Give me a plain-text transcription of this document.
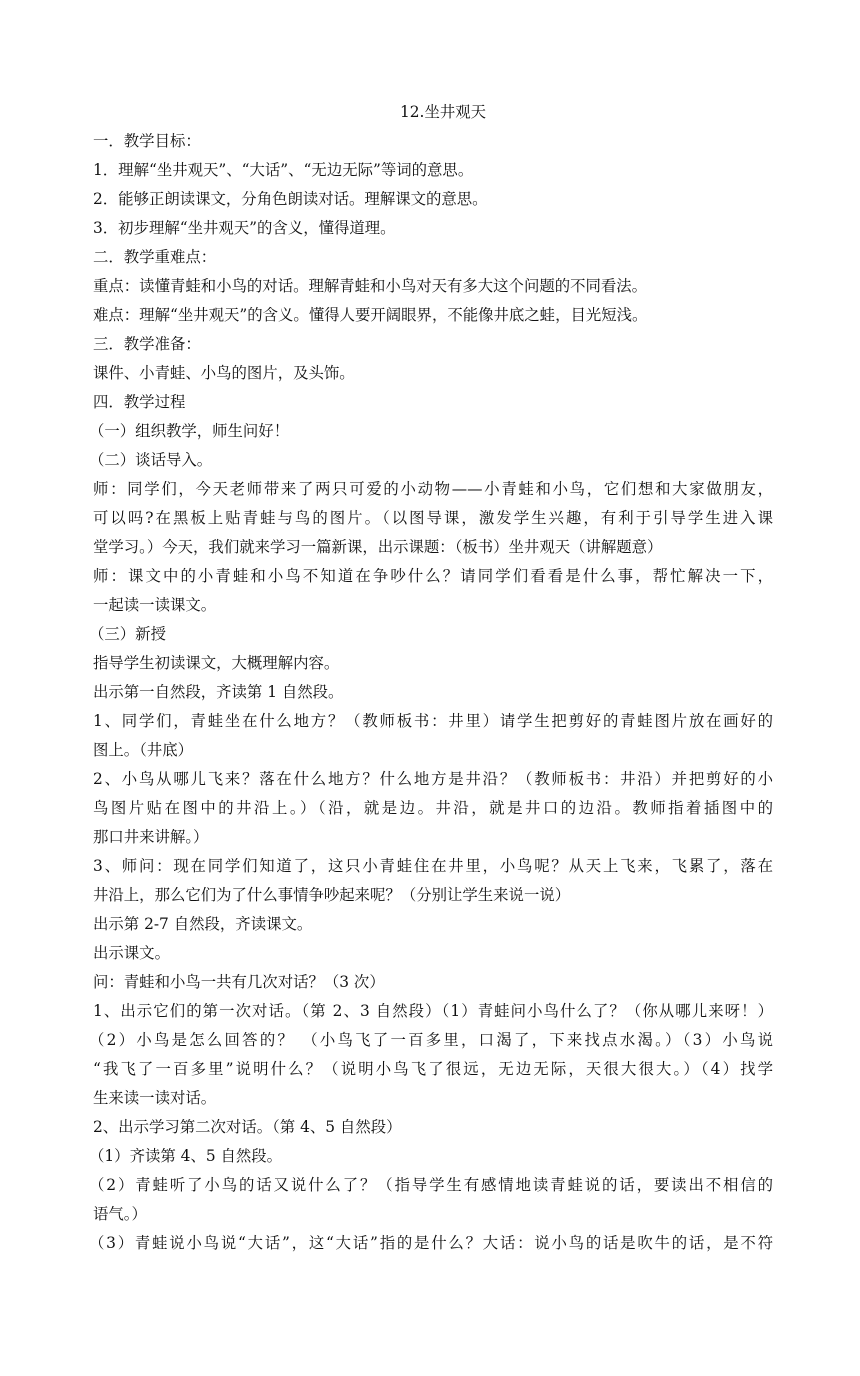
12.坐井观天

一．教学目标：

1．理解“坐井观天”、“大话”、“无边无际”等词的意思。

2．能够正朗读课文，分角色朗读对话。理解课文的意思。

3．初步理解“坐井观天”的含义，懂得道理。

二．教学重难点：

重点：读懂青蛙和小鸟的对话。理解青蛙和小鸟对天有多大这个问题的不同看法。

难点：理解“坐井观天”的含义。懂得人要开阔眼界，不能像井底之蛙，目光短浅。

三．教学准备：

课件、小青蛙、小鸟的图片，及头饰。

四．教学过程

（一）组织教学，师生问好！

（二）谈话导入。

师：同学们，今天老师带来了两只可爱的小动物——小青蛙和小鸟，它们想和大家做朋友，

可以吗?在黑板上贴青蛙与鸟的图片。（以图导课，激发学生兴趣，有利于引导学生进入课

堂学习。）今天，我们就来学习一篇新课，出示课题：（板书）坐井观天（讲解题意）

师：课文中的小青蛙和小鸟不知道在争吵什么？请同学们看看是什么事，帮忙解决一下，

一起读一读课文。

（三）新授

指导学生初读课文，大概理解内容。

出示第一自然段，齐读第 1 自然段。

1、同学们，青蛙坐在什么地方？（教师板书：井里）请学生把剪好的青蛙图片放在画好的

图上。（井底）

2、小鸟从哪儿飞来？落在什么地方？什么地方是井沿？（教师板书：井沿）并把剪好的小

鸟图片贴在图中的井沿上。）（沿，就是边。井沿，就是井口的边沿。教师指着插图中的

那口井来讲解。）

3、师问：现在同学们知道了，这只小青蛙住在井里，小鸟呢？从天上飞来，飞累了，落在

井沿上，那么它们为了什么事情争吵起来呢？（分别让学生来说一说）

出示第 2-7 自然段，齐读课文。

出示课文。

问：青蛙和小鸟一共有几次对话？（3 次）

1、出示它们的第一次对话。（第 2、3 自然段）（1）青蛙问小鸟什么了？（你从哪儿来呀！）

（2）小鸟是怎么回答的？ （小鸟飞了一百多里，口渴了，下来找点水渴。）（3）小鸟说

“我飞了一百多里”说明什么？（说明小鸟飞了很远，无边无际，天很大很大。）（4）找学

生来读一读对话。

2、出示学习第二次对话。（第 4、5 自然段）

（1）齐读第 4、5 自然段。

（2）青蛙听了小鸟的话又说什么了？（指导学生有感情地读青蛙说的话，要读出不相信的

语气。）

（3）青蛙说小鸟说“大话”，这“大话”指的是什么？大话：说小鸟的话是吹牛的话，是不符
